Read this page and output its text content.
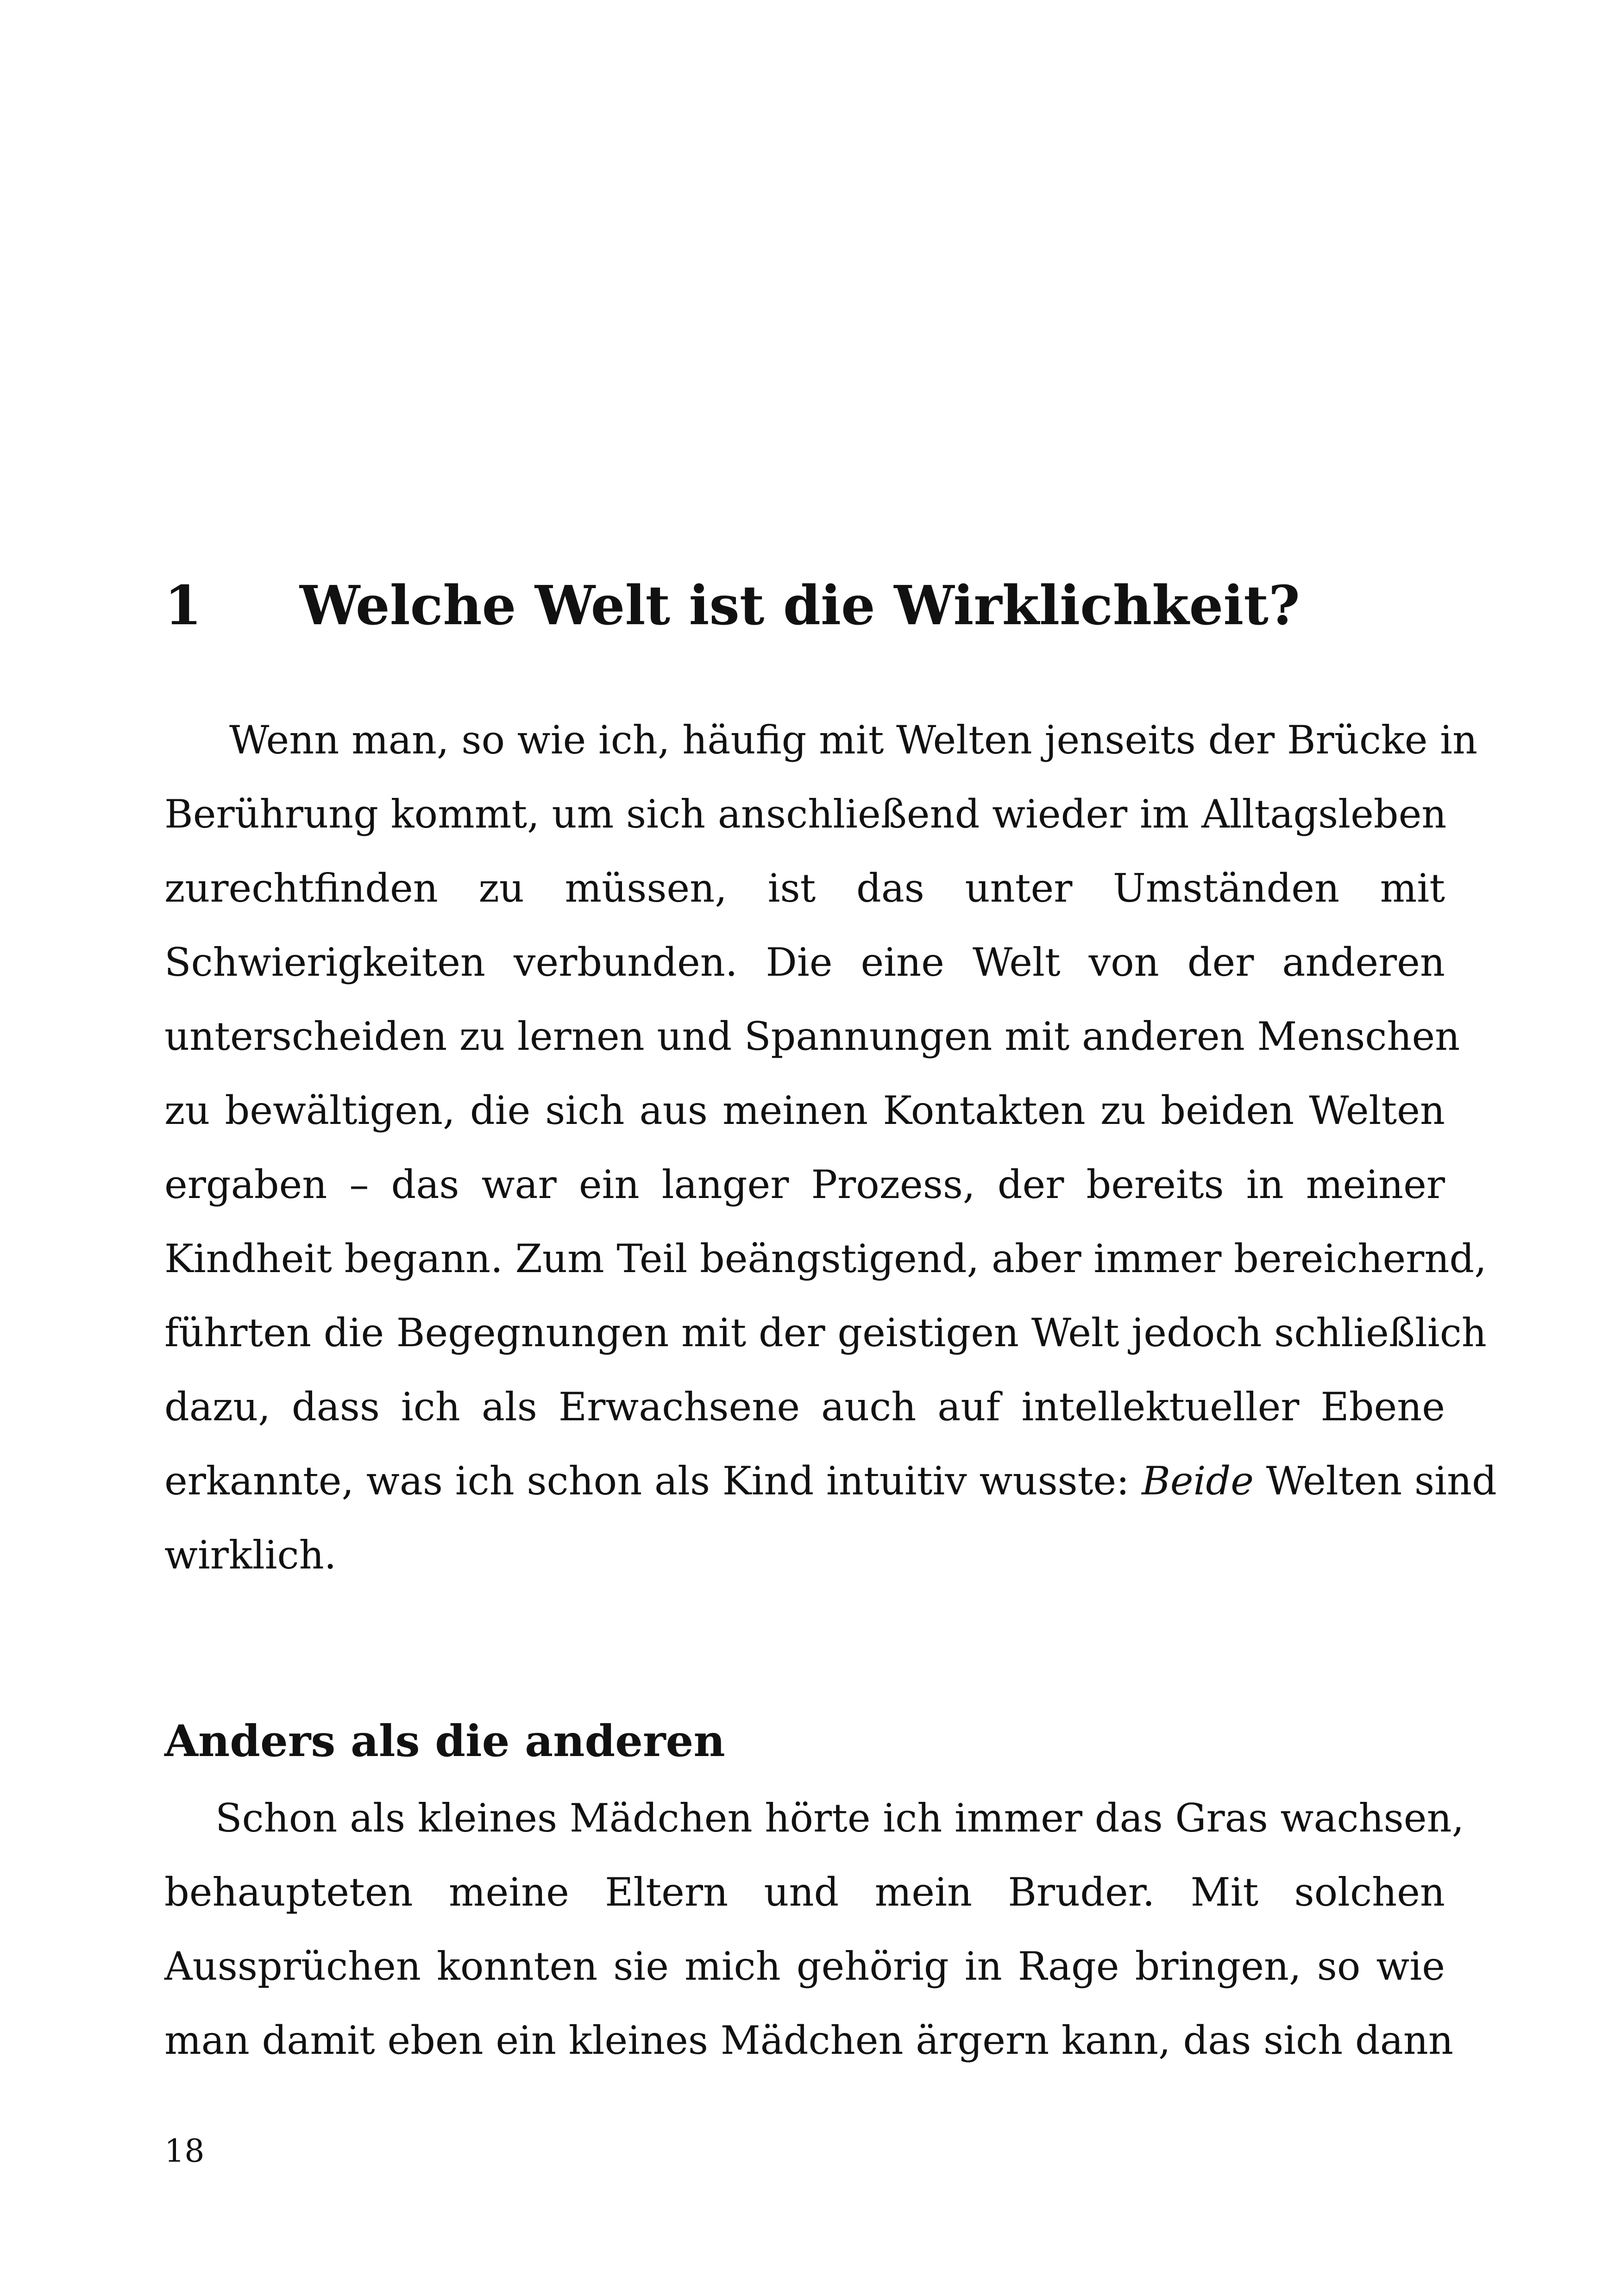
1 Welche Welt ist die Wirklichkeit?
Wenn man, so wie ich, häufig mit Welten jenseits der Brücke in
Berührung kommt, um sich anschließend wieder im Alltagsleben
zurechtfinden zu müssen, ist das unter Umständen mit
Schwierigkeiten verbunden. Die eine Welt von der anderen
unterscheiden zu lernen und Spannungen mit anderen Menschen
zu bewältigen, die sich aus meinen Kontakten zu beiden Welten
ergaben – das war ein langer Prozess, der bereits in meiner
Kindheit begann. Zum Teil beängstigend, aber immer bereichernd,
führten die Begegnungen mit der geistigen Welt jedoch schließlich
dazu, dass ich als Erwachsene auch auf intellektueller Ebene
erkannte, was ich schon als Kind intuitiv wusste: Beide Welten sind
wirklich.
Anders als die anderen
Schon als kleines Mädchen hörte ich immer das Gras wachsen,
behaupteten meine Eltern und mein Bruder. Mit solchen
Aussprüchen konnten sie mich gehörig in Rage bringen, so wie
man damit eben ein kleines Mädchen ärgern kann, das sich dann
18
